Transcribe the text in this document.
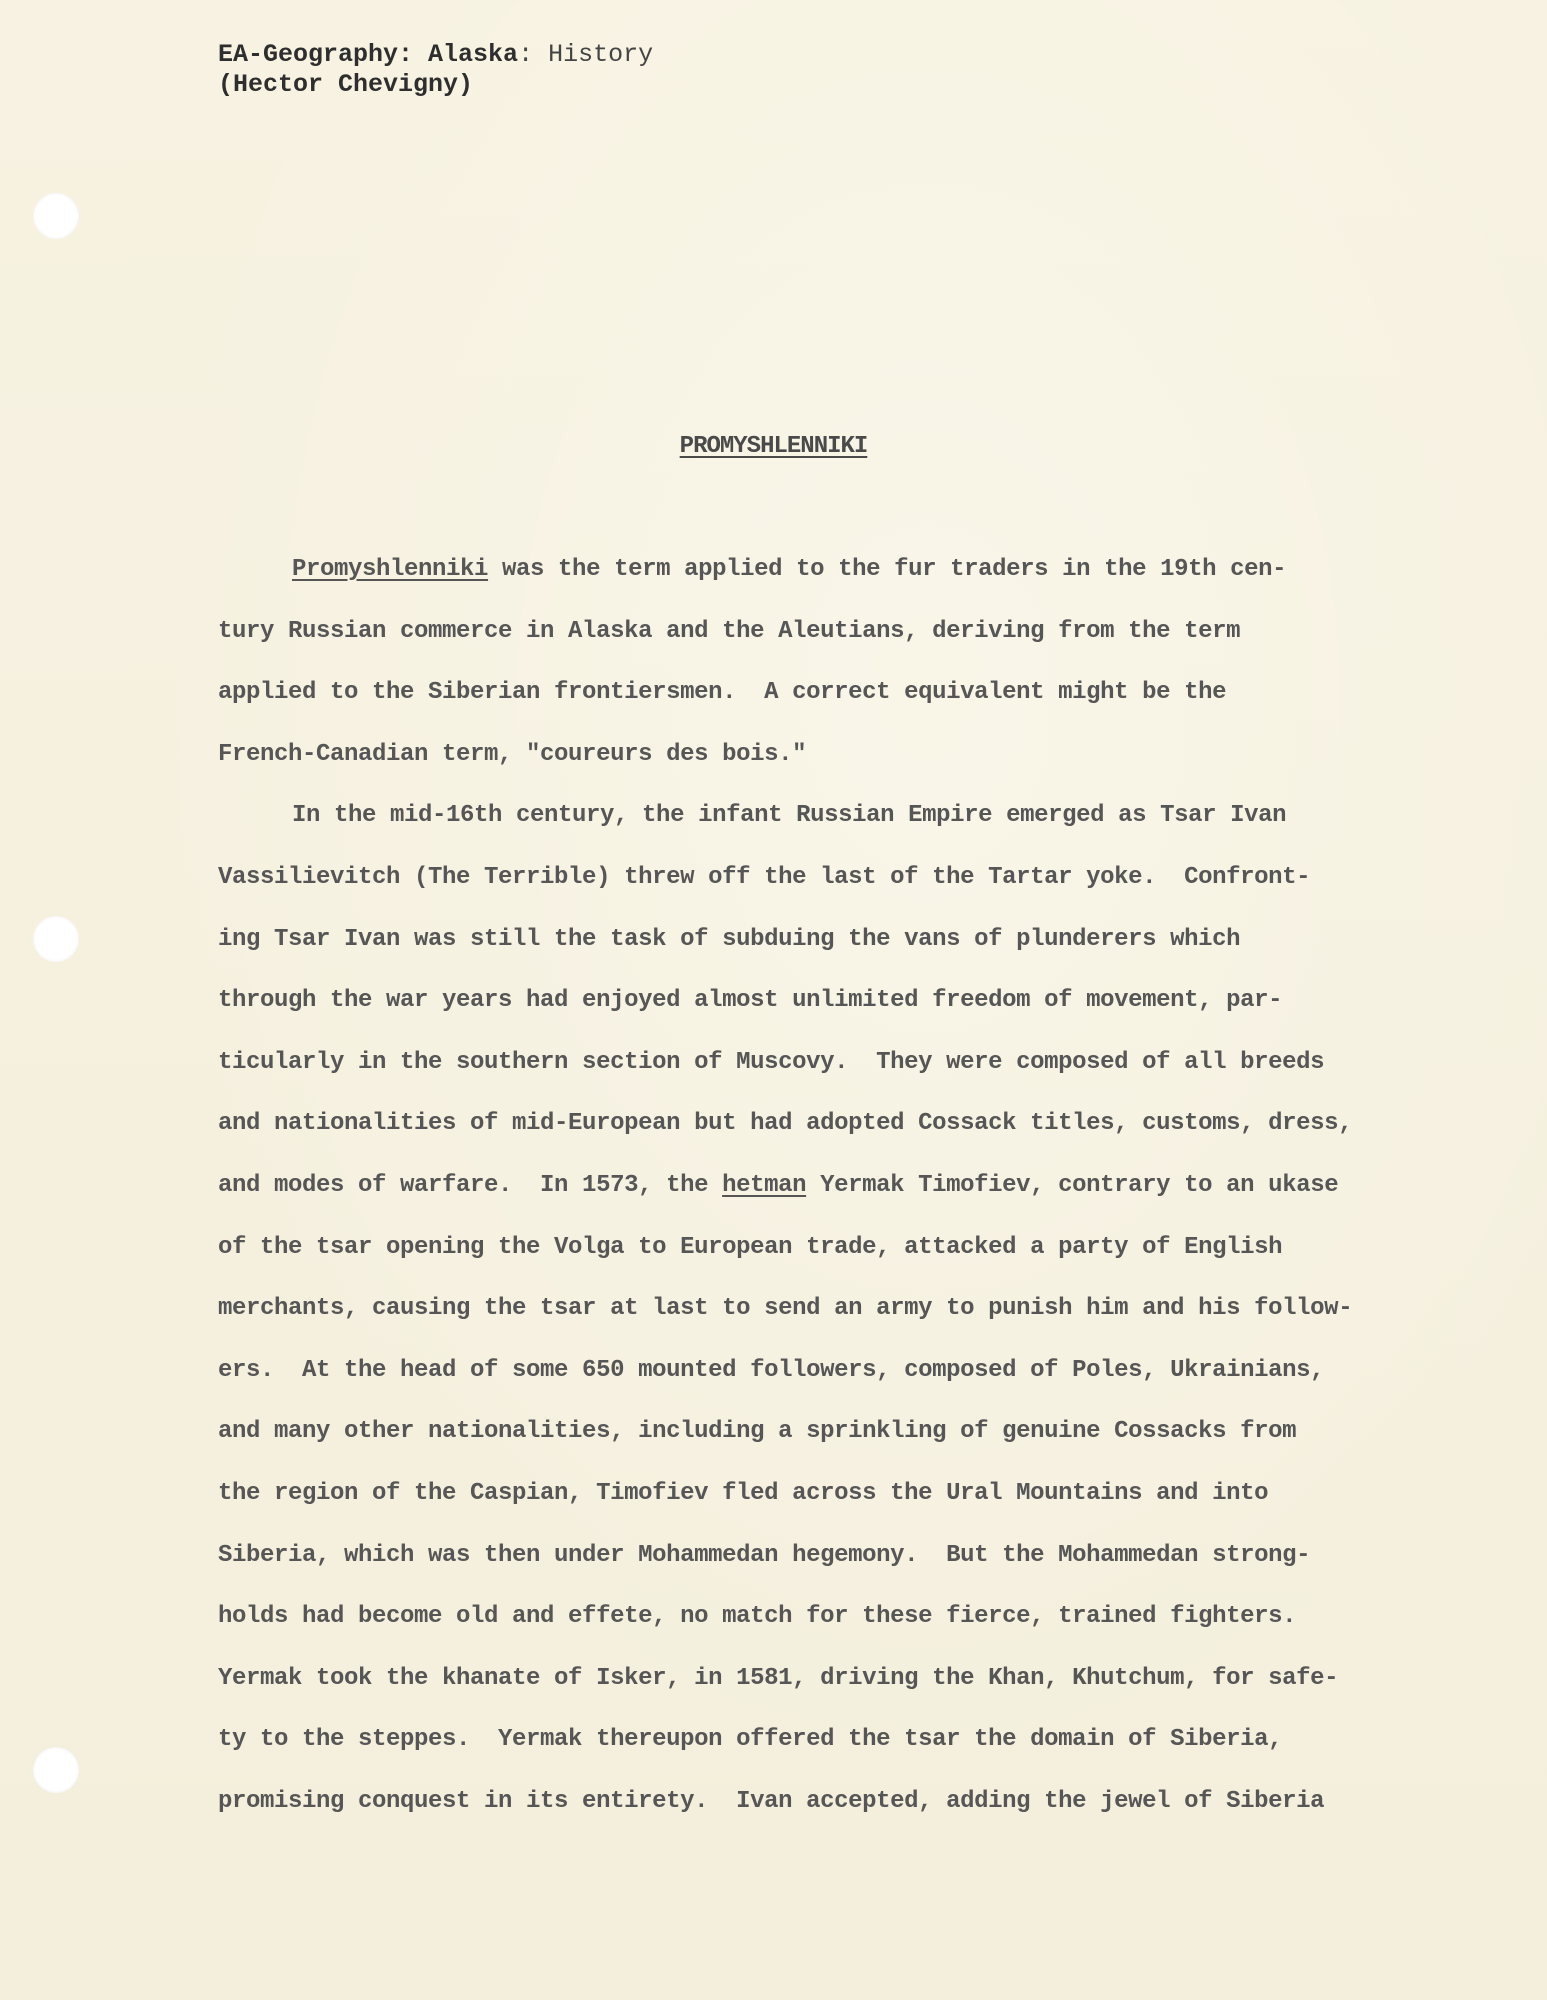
EA-Geography: Alaska: History
(Hector Chevigny)
PROMYSHLENNIKI
Promyshlenniki was the term applied to the fur traders in the 19th cen-
tury Russian commerce in Alaska and the Aleutians, deriving from the term
applied to the Siberian frontiersmen.  A correct equivalent might be the
French-Canadian term, "coureurs des bois."
In the mid-16th century, the infant Russian Empire emerged as Tsar Ivan
Vassilievitch (The Terrible) threw off the last of the Tartar yoke.  Confront-
ing Tsar Ivan was still the task of subduing the vans of plunderers which
through the war years had enjoyed almost unlimited freedom of movement, par-
ticularly in the southern section of Muscovy.  They were composed of all breeds
and nationalities of mid-European but had adopted Cossack titles, customs, dress,
and modes of warfare.  In 1573, the hetman Yermak Timofiev, contrary to an ukase
of the tsar opening the Volga to European trade, attacked a party of English
merchants, causing the tsar at last to send an army to punish him and his follow-
ers.  At the head of some 650 mounted followers, composed of Poles, Ukrainians,
and many other nationalities, including a sprinkling of genuine Cossacks from
the region of the Caspian, Timofiev fled across the Ural Mountains and into
Siberia, which was then under Mohammedan hegemony.  But the Mohammedan strong-
holds had become old and effete, no match for these fierce, trained fighters.
Yermak took the khanate of Isker, in 1581, driving the Khan, Khutchum, for safe-
ty to the steppes.  Yermak thereupon offered the tsar the domain of Siberia,
promising conquest in its entirety.  Ivan accepted, adding the jewel of Siberia
